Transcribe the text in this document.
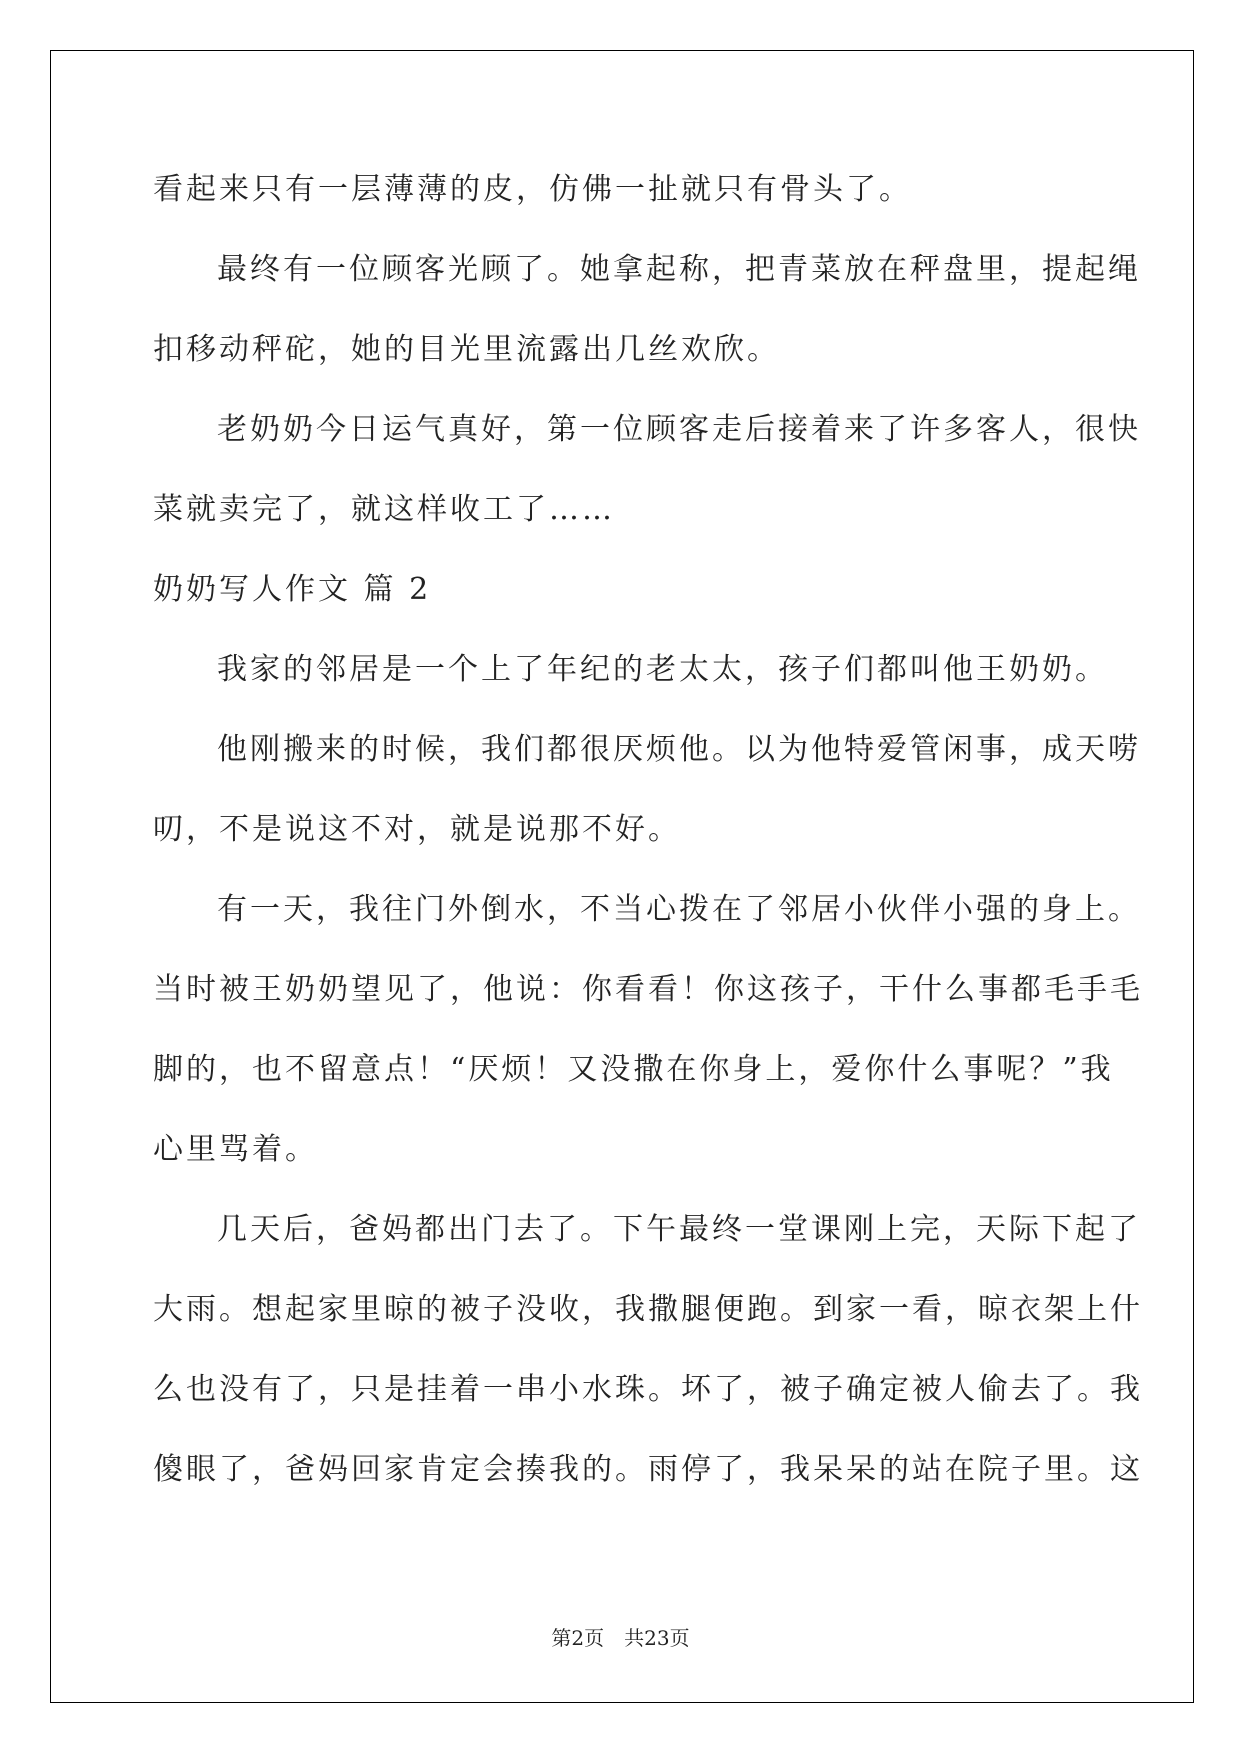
看起来只有一层薄薄的皮，仿佛一扯就只有骨头了。
最终有一位顾客光顾了。她拿起称，把青菜放在秤盘里，提起绳
扣移动秤砣，她的目光里流露出几丝欢欣。
老奶奶今日运气真好，第一位顾客走后接着来了许多客人，很快
菜就卖完了，就这样收工了……
奶奶写人作文 篇 2
我家的邻居是一个上了年纪的老太太，孩子们都叫他王奶奶。
他刚搬来的时候，我们都很厌烦他。以为他特爱管闲事，成天唠
叨，不是说这不对，就是说那不好。
有一天，我往门外倒水，不当心拨在了邻居小伙伴小强的身上。
当时被王奶奶望见了，他说：你看看！你这孩子，干什么事都毛手毛
脚的，也不留意点！“厌烦！又没撒在你身上，爱你什么事呢？”我
心里骂着。
几天后，爸妈都出门去了。下午最终一堂课刚上完，天际下起了
大雨。想起家里晾的被子没收，我撒腿便跑。到家一看，晾衣架上什
么也没有了，只是挂着一串小水珠。坏了，被子确定被人偷去了。我
傻眼了，爸妈回家肯定会揍我的。雨停了，我呆呆的站在院子里。这
第2页　共23页
